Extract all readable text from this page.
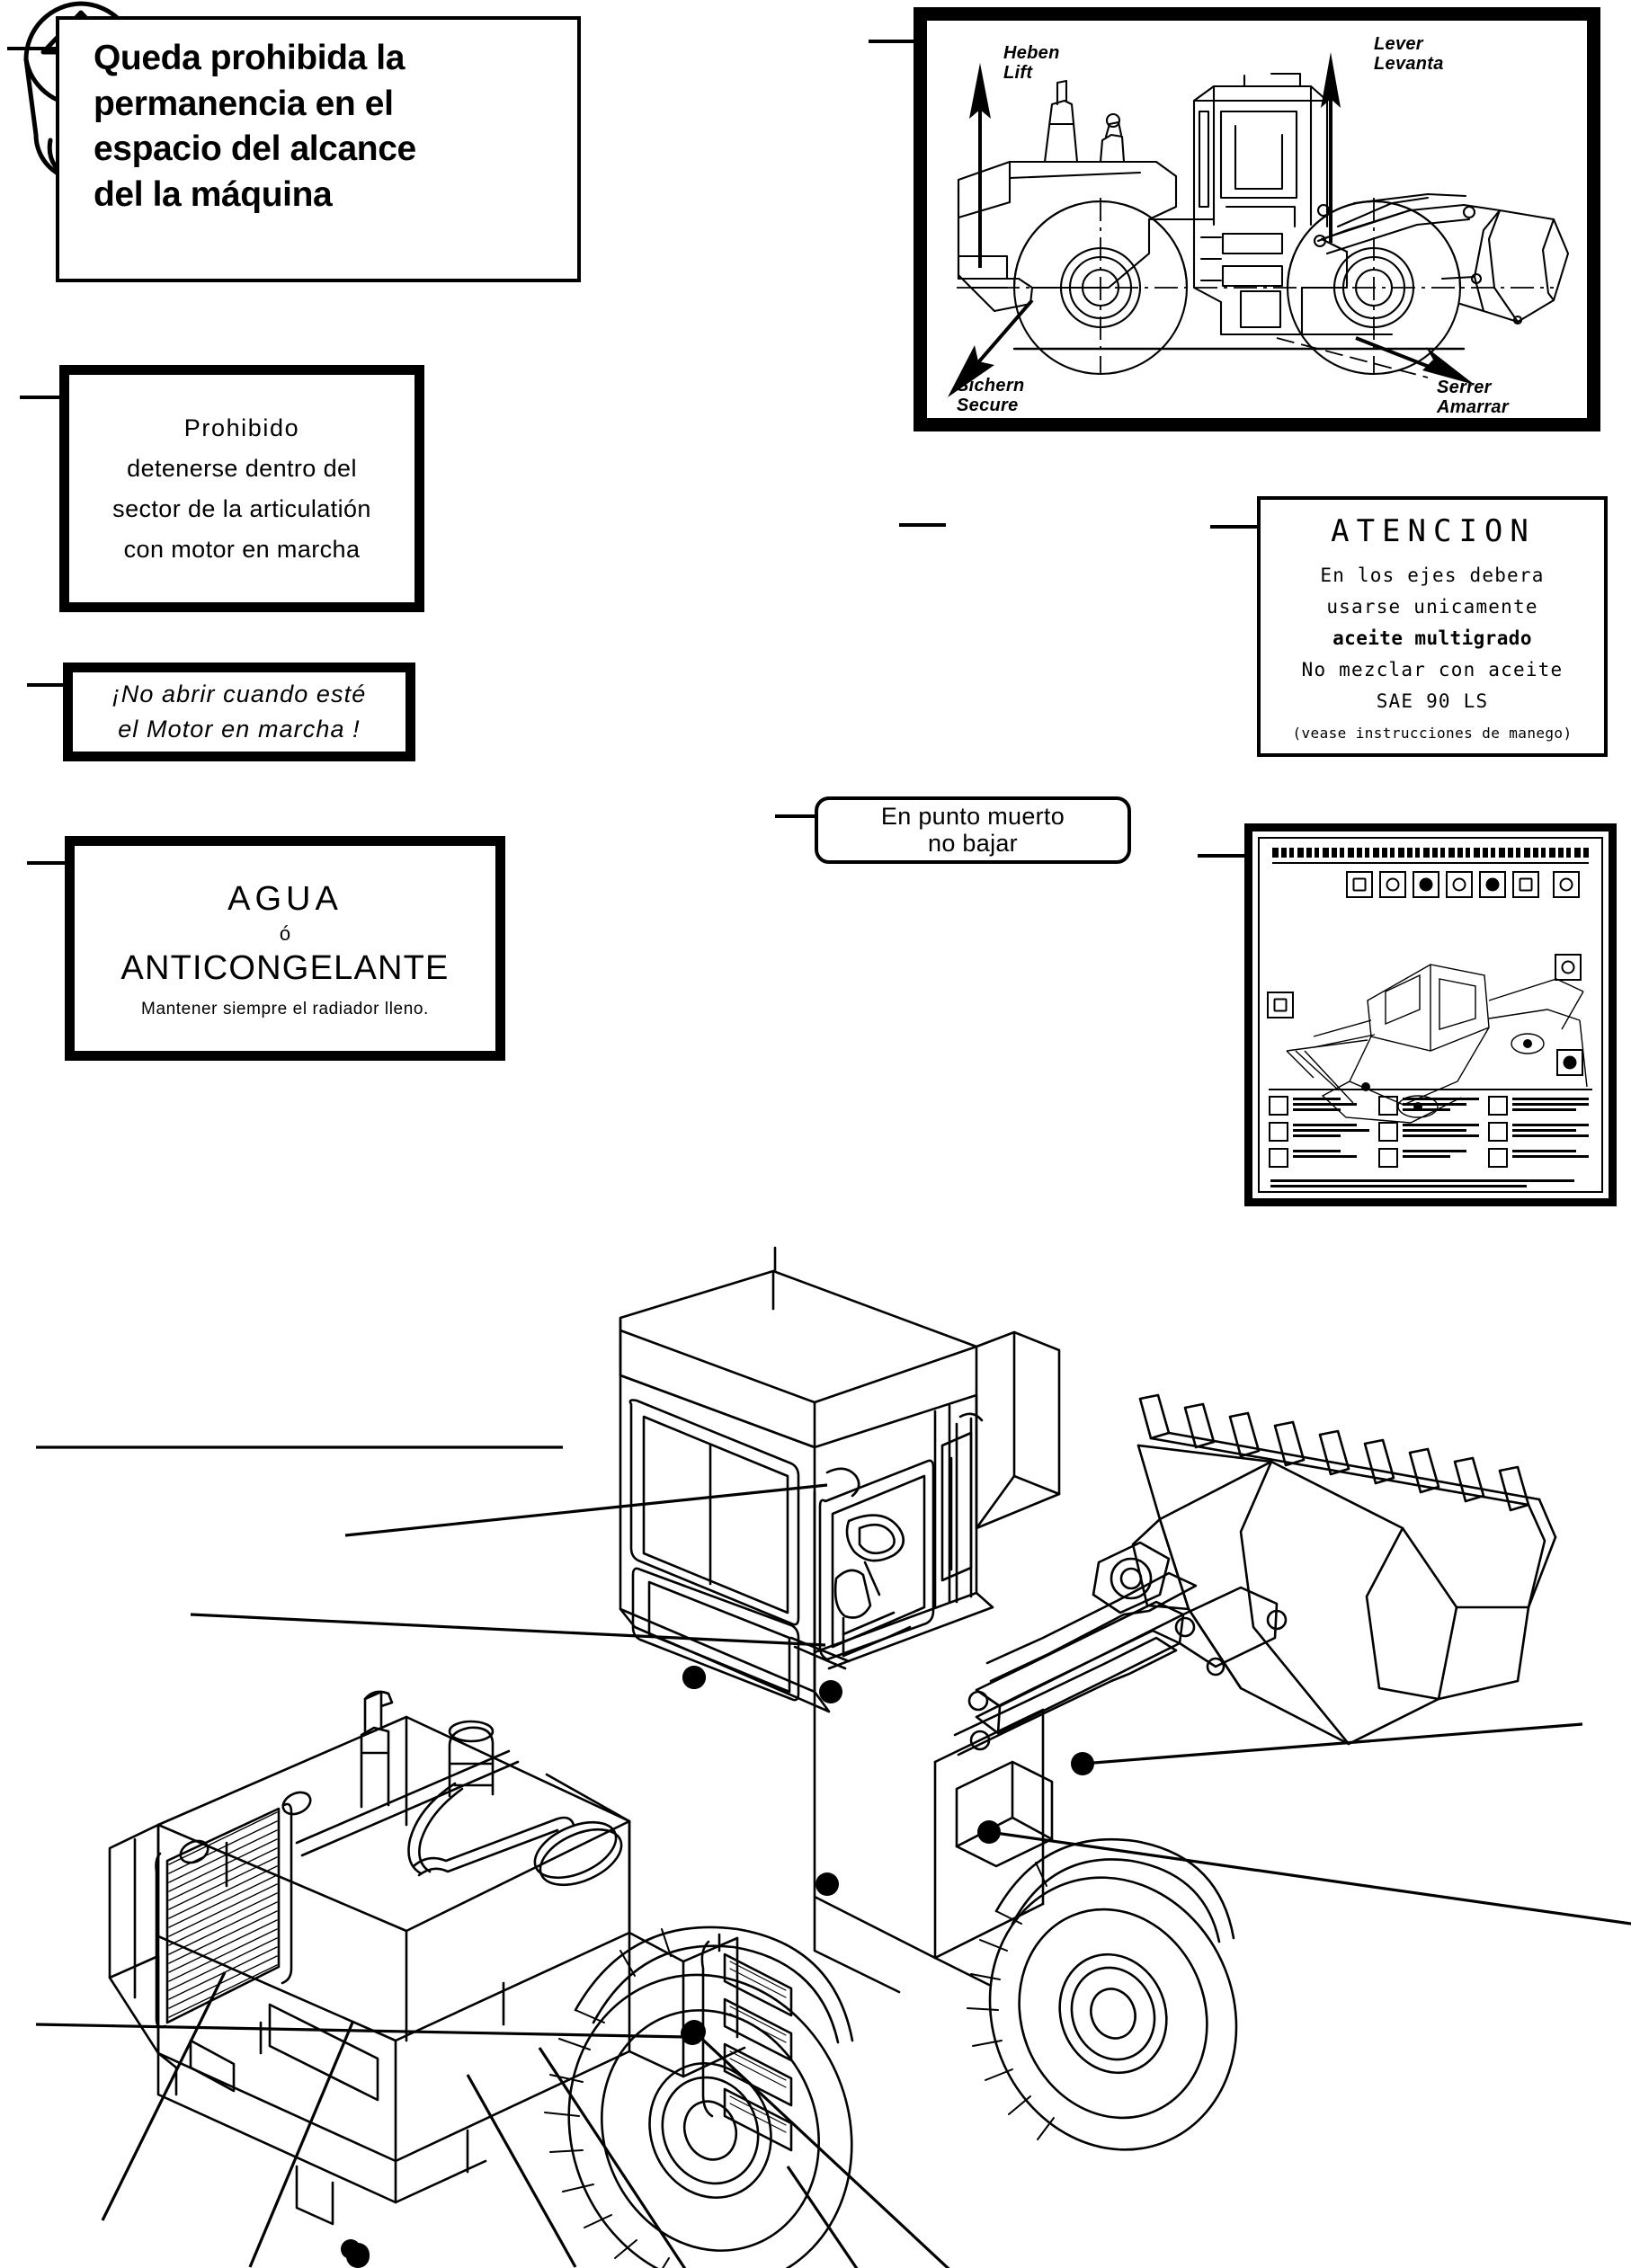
Queda prohibida la
permanencia en el
espacio del alcance
del la máquina
Prohibido
detenerse dentro del
sector de la articulatión
con motor en marcha
¡No abrir cuando esté
el Motor en marcha !
AGUA
ó
ANTICONGELANTE
Mantener siempre el radiador lleno.
Heben
Lift
Lever
Levanta
Sichern
Secure
Serrer
Amarrar
En punto muerto
no bajar
ATENCION
En los ejes debera
usarse unicamente
aceite multigrado
No mezclar con aceite
SAE 90 LS
(vease instrucciones de manego)
